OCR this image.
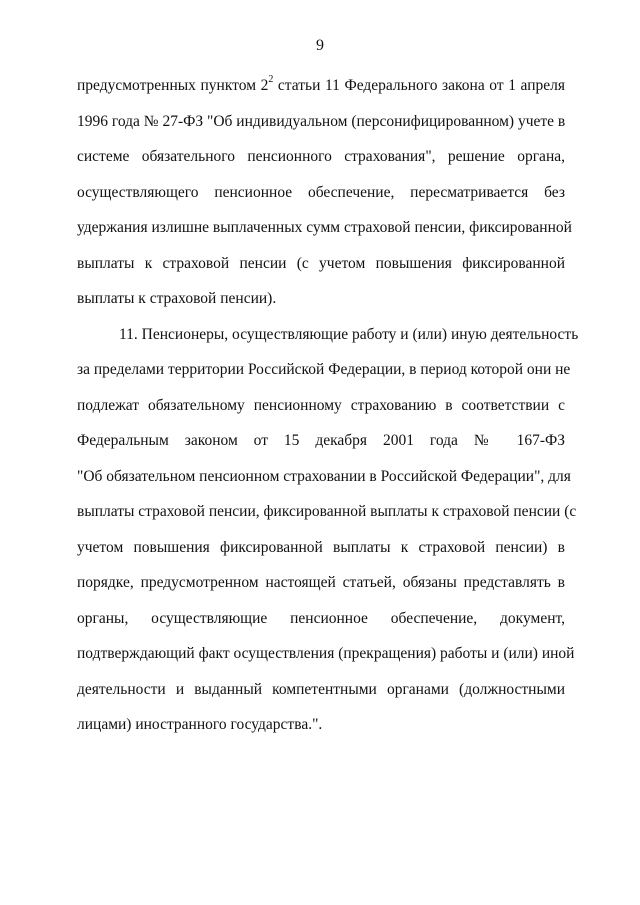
9

предусмотренных пунктом $2^2$ статьи 11 Федерального закона от 1 апреля
1996 года № 27-ФЗ "Об индивидуальном (персонифицированном) учете в
системе обязательного пенсионного страхования", решение органа,
осуществляющего пенсионное обеспечение, пересматривается без
удержания излишне выплаченных сумм страховой пенсии, фиксированной
выплаты к страховой пенсии (с учетом повышения фиксированной
выплаты к страховой пенсии).

11. Пенсионеры, осуществляющие работу и (или) иную деятельность
за пределами территории Российской Федерации, в период которой они не
подлежат обязательному пенсионному страхованию в соответствии с
Федеральным законом от 15 декабря 2001 года № 167-ФЗ
"Об обязательном пенсионном страховании в Российской Федерации", для
выплаты страховой пенсии, фиксированной выплаты к страховой пенсии (с
учетом повышения фиксированной выплаты к страховой пенсии) в
порядке, предусмотренном настоящей статьей, обязаны представлять в
органы, осуществляющие пенсионное обеспечение, документ,
подтверждающий факт осуществления (прекращения) работы и (или) иной
деятельности и выданный компетентными органами (должностными
лицами) иностранного государства.".
